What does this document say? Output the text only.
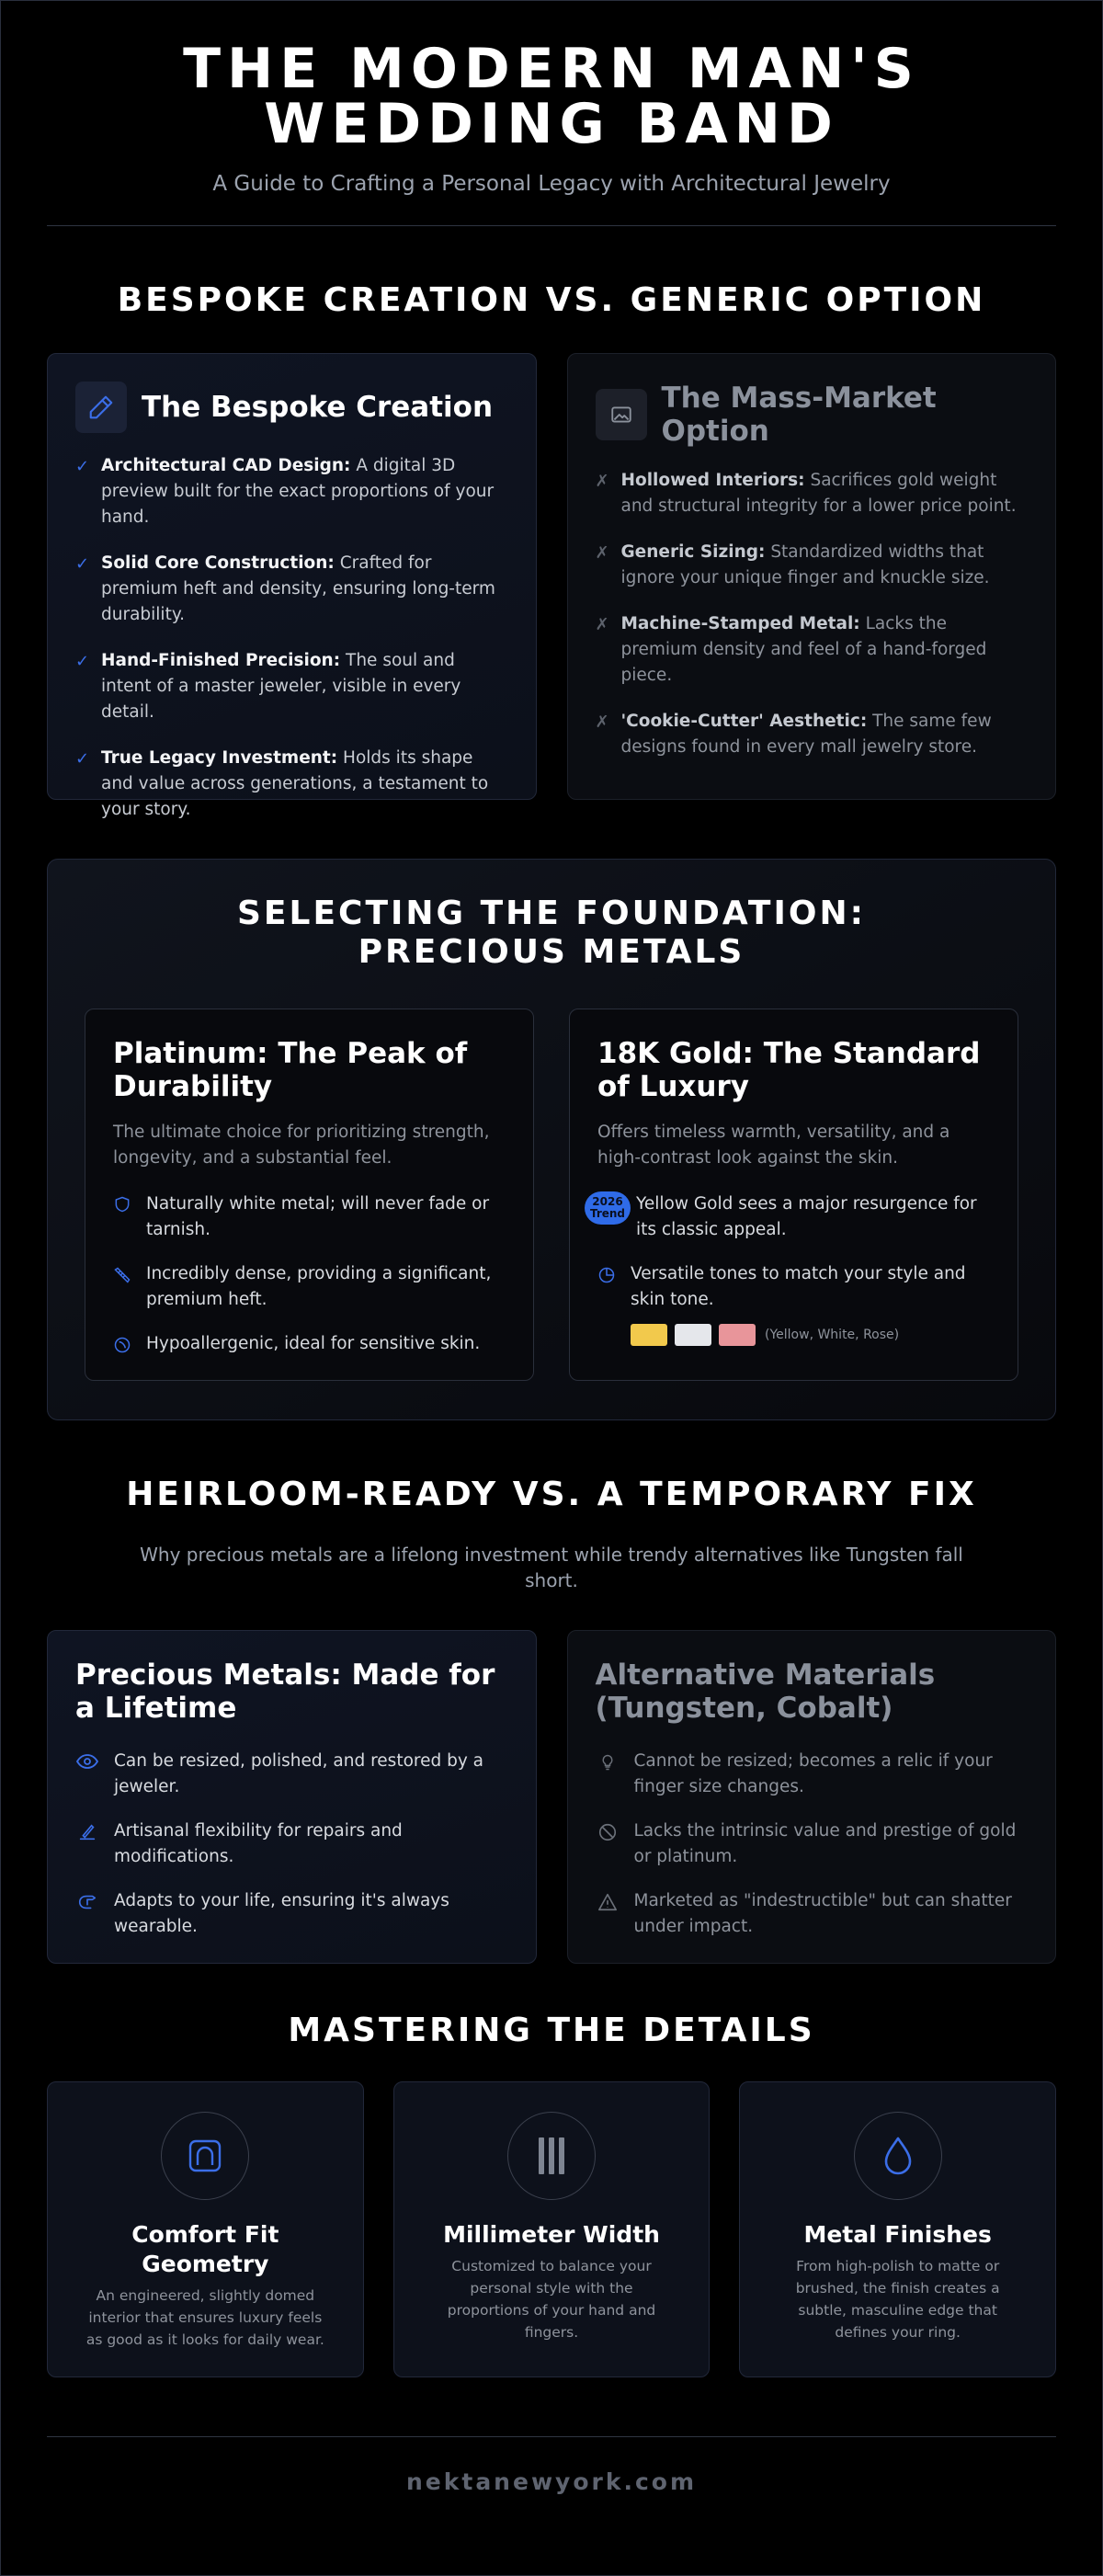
THE MODERN MAN'S WEDDING BAND

A Guide to Crafting a Personal Legacy with Architectural Jewelry

BESPOKE CREATION VS. GENERIC OPTION
The Bespoke Creation
✓ Architectural CAD Design: A digital 3D preview built for the exact proportions of your hand.
✓ Solid Core Construction: Crafted for premium heft and density, ensuring long-term durability.
✓ Hand-Finished Precision: The soul and intent of a master jeweler, visible in every detail.
✓ True Legacy Investment: Holds its shape and value across generations, a testament to your story.
The Mass-Market Option
✗ Hollowed Interiors: Sacrifices gold weight and structural integrity for a lower price point.
✗ Generic Sizing: Standardized widths that ignore your unique finger and knuckle size.
✗ Machine-Stamped Metal: Lacks the premium density and feel of a hand-forged piece.
✗ 'Cookie-Cutter' Aesthetic: The same few designs found in every mall jewelry store.
SELECTING THE FOUNDATION: PRECIOUS METALS
Platinum: The Peak of Durability

The ultimate choice for prioritizing strength, longevity, and a substantial feel.

Naturally white metal; will never fade or tarnish.
Incredibly dense, providing a significant, premium heft.
Hypoallergenic, ideal for sensitive skin.
18K Gold: The Standard of Luxury

Offers timeless warmth, versatility, and a high-contrast look against the skin.

2026
Trend Yellow Gold sees a major resurgence for its classic appeal.
Versatile tones to match your style and skin tone.
(Yellow, White, Rose)
HEIRLOOM-READY VS. A TEMPORARY FIX

Why precious metals are a lifelong investment while trendy alternatives like Tungsten fall short.

Precious Metals: Made for a Lifetime
Can be resized, polished, and restored by a jeweler.
Artisanal flexibility for repairs and modifications.
Adapts to your life, ensuring it's always wearable.
Alternative Materials (Tungsten, Cobalt)
Cannot be resized; becomes a relic if your finger size changes.
Lacks the intrinsic value and prestige of gold or platinum.
Marketed as "indestructible" but can shatter under impact.
MASTERING THE DETAILS
Comfort Fit Geometry

An engineered, slightly domed interior that ensures luxury feels as good as it looks for daily wear.

Millimeter Width

Customized to balance your personal style with the proportions of your hand and fingers.

Metal Finishes

From high-polish to matte or brushed, the finish creates a subtle, masculine edge that defines your ring.

nektanewyork.com
